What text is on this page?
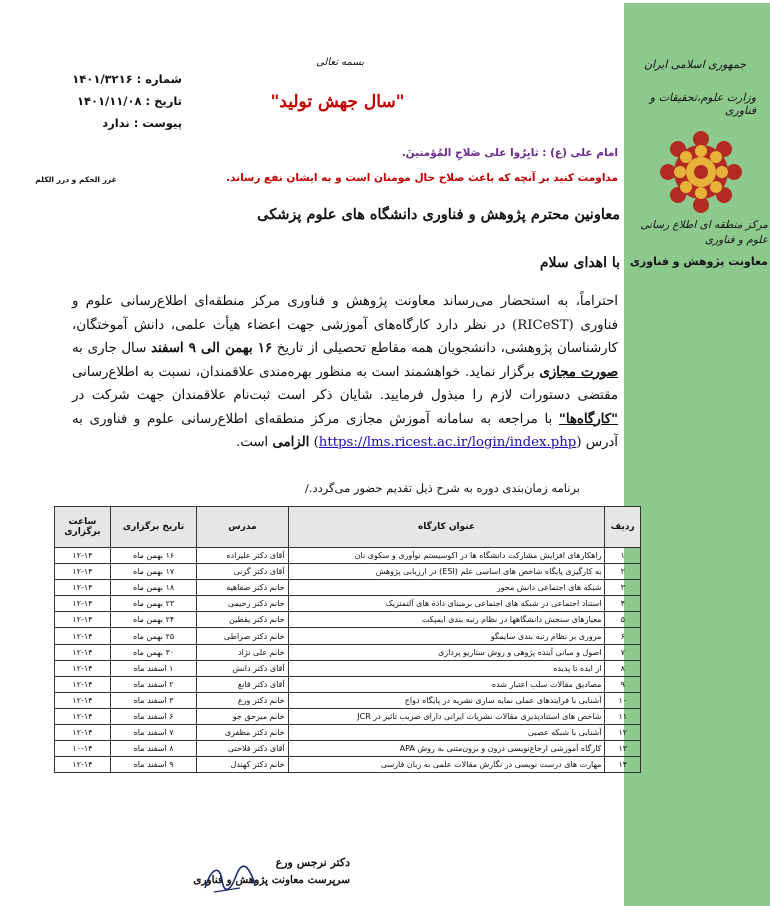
جمهوری اسلامی ایران
وزارت علوم،تحقیقات و فناوری
مرکز منطقه ای اطلاع رسانی علوم و فناوری
معاونت پژوهش و فناوری
شماره : ۱۴۰۱/۳۲۱۶
تاریخ : ۱۴۰۱/۱۱/۰۸
پیوست : ندارد
بسمه تعالی
"سال جهش تولید"
امام علی (ع) : ثابِرُوا علی صَلاحِ المُؤمنینَ.
مداومت کنید بر آنچه که باعث صلاح حال مومنان است و به ایشان نفع رساند.
غرر الحکم و درر الکلم
معاونین محترم پژوهش و فناوری دانشگاه های علوم پزشکی
با اهدای سلام
احتراماً، به استحضار می‌رساند معاونت پژوهش و فناوری مرکز منطقه‌ای اطلاع‌رسانی علوم و فناوری (RICeST) در نظر دارد کارگاه‌های آموزشی جهت اعضاء هیأت علمی، دانش آموختگان، کارشناسان پژوهشی، دانشجویان همه مقاطع تحصیلی از تاریخ ۱۶ بهمن الی ۹ اسفند سال جاری به صورت مجازی برگزار نماید. خواهشمند است به منظور بهره‌مندی علاقمندان، نسبت به اطلاع‌رسانی مقتضی دستورات لازم را مبذول فرمایید. شایان ذکر است ثبت‌نام علاقمندان جهت شرکت در "کارگاه‌ها" با مراجعه به سامانه آموزش مجازی مرکز منطقه‌ای اطلاع‌رسانی علوم و فناوری به آدرس (https://lms.ricest.ac.ir/login/index.php) الزامی است.
برنامه زمان‌بندی دوره به شرح ذیل تقدیم حضور می‌گردد./
ردیف	عنوان کارگاه	مدرس	تاریخ برگزاری	ساعت برگزاری
۱	راهکارهای افزایش مشارکت دانشگاه ها در اکوسیستم نوآوری و سکوی نان	آقای دکتر علیزاده	۱۶ بهمن ماه	۱۲-۱۴
۲	به کارگیری پایگاه شاخص های اساسی علم (ESI) در ارزیابی پژوهش	آقای دکتر گزنی	۱۷ بهمن ماه	۱۲-۱۴
۳	شبکه های اجتماعی دانش محور	خانم دکتر صفاهیه	۱۸ بهمن ماه	۱۲-۱۴
۴	استناد اجتماعی در شبکه های اجتماعی برمبنای داده های آلتمتریک	خانم دکتر رحیمی	۲۳ بهمن ماه	۱۲-۱۴
۵	معیارهای سنجش دانشگاهها در نظام رتبه بندی ایمپکت	خانم دکتر یقطین	۲۴ بهمن ماه	۱۲-۱۴
۶	مروری بر نظام رتبه بندی سایمگو	خانم دکتر صراطی	۲۵ بهمن ماه	۱۲-۱۴
۷	اصول و مبانی آینده پژوهی و روش سناریو پردازی	خانم علی نژاد	۳۰ بهمن ماه	۱۲-۱۴
۸	از ایده تا پدیده	آقای دکتر دانش	۱ اسفند ماه	۱۲-۱۴
۹	مصادیق مقالات سلب اعتبار شده	آقای دکتر قانع	۲ اسفند ماه	۱۲-۱۴
۱۰	آشنایی با فرایندهای عملی نمایه سازی نشریه در پایگاه دواج	خانم دکتر ورع	۳ اسفند ماه	۱۲-۱۴
۱۱	شاخص های استنادپذیری مقالات نشریات ایرانی دارای ضریب تاثیر در JCR	خانم میرحق جو	۶ اسفند ماه	۱۲-۱۴
۱۲	آشنایی با شبکه عصبی	خانم دکتر مظفری	۷ اسفند ماه	۱۲-۱۴
۱۳	کارگاه آموزشی ارجاع‌نویسی درون و برون‌متنی به روش APA	آقای دکتر فلاحتی	۸ اسفند ماه	۱۰-۱۴
۱۴	مهارت های درست نویسی در نگارش مقالات علمی به زبان فارسی	خانم دکتر کهندل	۹ اسفند ماه	۱۲-۱۴
دکتر نرجس ورع
سرپرست معاونت پژوهش و فناوری
